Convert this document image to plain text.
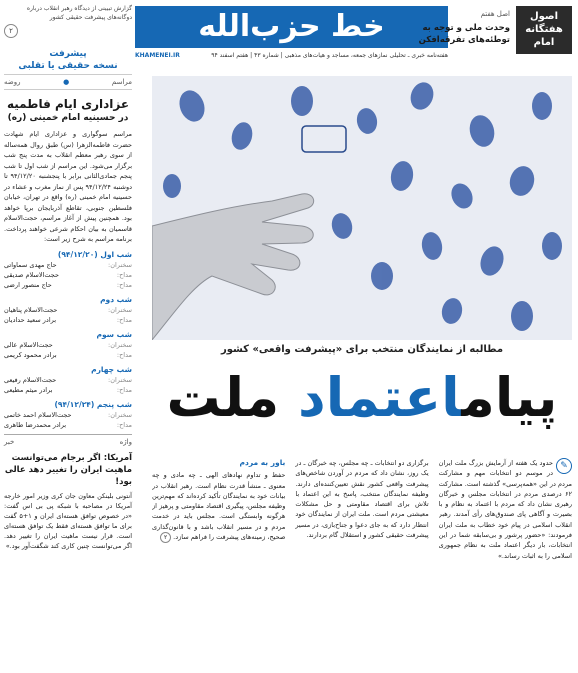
خط حزب‌الله
هفته‌نامه خبری ـ تحلیلی نمازهای جمعه، مساجد و هیات‌های مذهبی | شماره ۴۳ | هفتم اسفند ۹۴
KHAMENEI.IR
اصول هفتگانه امام
اصل هفتم
وحدت ملی و توجه به توطئه‌های تفرقه‌افکن
گزارش تبیینی از دیدگاه رهبر انقلاب درباره دوگانه‌های پیشرفت حقیقی کشور
۲
پیشرفت
نسخه حقیقی یا تقلبی
مراسم
●
روضه
عزاداری ایام فاطمیه
در حسینیه امام خمینی (ره)
مراسم سوگواری و عزاداری ایام شهادت حضرت فاطمه‌الزهرا (س) طبق روال همه‌ساله از سوی رهبر معظم انقلاب به مدت پنج شب برگزار می‌شود. این مراسم از شب اول تا شب پنجم جمادی‌الثانی برابر با پنجشنبه ۹۴/۱۲/۲۰ تا دوشنبه ۹۴/۱۲/۲۴ پس از نماز مغرب و عشاء در حسینیه امام خمینی (ره) واقع در تهران، خیابان فلسطین جنوبی، تقاطع آذربایجان برپا خواهد بود. همچنین پیش از آغاز مراسم، حجت‌الاسلام قاسمیان به بیان احکام شرعی خواهند پرداخت. برنامه مراسم به شرح زیر است:
شب اول (۹۴/۱۲/۲۰)
سخنران:
حاج مهدی سماواتی
مداح:
حجت‌الاسلام صدیقی
مداح:
حاج منصور ارضی
شب دوم
سخنران:
حجت‌الاسلام پناهیان
مداح:
برادر سعید حدادیان
شب سوم
سخنران:
حجت‌الاسلام عالی
مداح:
برادر محمود کریمی
شب چهارم
سخنران:
حجت‌الاسلام رفیعی
مداح:
برادر میثم مطیعی
شب پنجم (۹۴/۱۲/۲۴)
سخنران:
حجت‌الاسلام احمد خاتمی
مداح:
برادر محمدرضا طاهری
واژه
خبر
آمریکا: اگر برجام می‌توانست ماهیت ایران را تغییر دهد عالی بود!
آنتونی بلینکن معاون جان کری وزیر امور خارجه آمریکا در مصاحبه با شبکه پی بی اس گفت: «در خصوص توافق هسته‌ای ایران و ۱+۵ گفت برای ما توافق هسته‌ای فقط یک توافق هسته‌ای است. قرار نیست ماهیت ایران را تغییر دهد. اگر می‌توانست چنین کاری کند شگفت‌آور بود.»
مطالبه از نمایندگان منتخب برای «پیشرفت واقعی» کشور
پیاماعتماد ملت
✎
حدود یک هفته از آرمایش بزرگ ملت ایران در موسم دو انتخابات مهم و مشارکت مردم در این «همه‌پرسی» گذشته است. مشارکت ۶۲ درصدی مردم در انتخابات مجلس و خبرگان رهبری نشان داد که مردم با اعتماد به نظام و با بصیرت و آگاهی پای صندوق‌های رأی آمدند. رهبر انقلاب اسلامی در پیام خود خطاب به ملت ایران فرمودند: «حضور پرشور و بی‌سابقه شما در این انتخابات، بار دیگر اعتماد ملت به نظام جمهوری اسلامی را به اثبات رساند.»
برگزاری دو انتخابات ـ چه مجلس، چه خبرگان ـ در یک روز، نشان داد که مردم در آوردن شاخص‌های پیشرفت واقعی کشور نقش تعیین‌کننده‌ای دارند. وظیفه نمایندگان منتخب، پاسخ به این اعتماد با تلاش برای اقتصاد مقاومتی و حل مشکلات معیشتی مردم است. ملت ایران از نمایندگان خود انتظار دارد که به جای دعوا و جناح‌بازی، در مسیر پیشرفت حقیقی کشور و استقلال گام بردارند.
باور به مردم
حفظ و تداوم نهادهای الهی ـ چه مادی و چه معنوی ـ منشأ قدرت نظام است. رهبر انقلاب در بیانات خود به نمایندگان تأکید کرده‌اند که مهم‌ترین وظیفه مجلس، پیگیری اقتصاد مقاومتی و پرهیز از هرگونه وابستگی است. مجلس باید در خدمت مردم و در مسیر انقلاب باشد و با قانون‌گذاری صحیح، زمینه‌های پیشرفت را فراهم سازد. ۲
